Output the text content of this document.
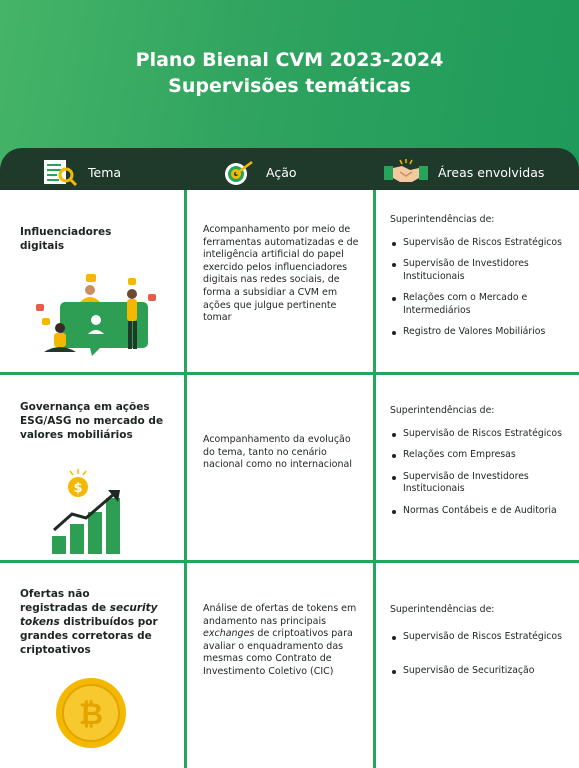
Plano Bienal CVM 2023-2024
Supervisões temáticas
Tema	Ação	Áreas envolvidas
Influenciadores
digitais
Acompanhamento por meio de ferramentas automatizadas e de inteligência artificial do papel exercido pelos influenciadores digitais nas redes sociais, de forma a subsidiar a CVM em ações que julgue pertinente tomar
Superintendências de:
Supervisão de Riscos Estratégicos
Supervisão de Investidores Institucionais
Relações com o Mercado e Intermediários
Registro de Valores Mobiliários
Governança em ações
ESG/ASG no mercado de
valores mobiliários
$
Acompanhamento da evolução do tema, tanto no cenário nacional como no internacional
Superintendências de:
Supervisão de Riscos Estratégicos
Relações com Empresas
Supervisão de Investidores Institucionais
Normas Contábeis e de Auditoria
Ofertas não
registradas de security
tokens distribuídos por
grandes corretoras de
criptoativos
₿
Análise de ofertas de tokens em andamento nas principais exchanges de criptoativos para avaliar o enquadramento das mesmas como Contrato de Investimento Coletivo (CIC)
Superintendências de:
Supervisão de Riscos Estratégicos
Supervisão de Securitização
